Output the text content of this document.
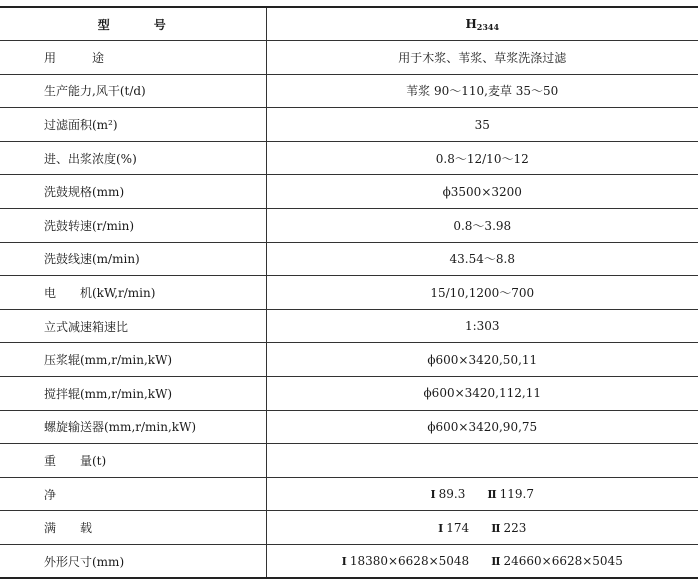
型　　　号	$H_{2344}$
用　　　途	用于木浆、苇浆、草浆洗涤过滤
生产能力,风干(t/d)	苇浆 90～110,麦草 35～50
过滤面积(m²)	35
进、出浆浓度(%)	0.8～12/10～12
洗鼓规格(mm)	ϕ3500×3200
洗鼓转速(r/min)	0.8～3.98
洗鼓线速(m/min)	43.54～8.8
电　　机(kW,r/min)	15/10,1200～700
立式减速箱速比	1:303
压浆辊(mm,r/min,kW)	ϕ600×3420,50,11
搅拌辊(mm,r/min,kW)	ϕ600×3420,112,11
螺旋输送器(mm,r/min,kW)	ϕ600×3420,90,75
重　　量(t)	
净	Ⅰ 89.3 Ⅱ 119.7
满　　载	Ⅰ 174 Ⅱ 223
外形尺寸(mm)	Ⅰ 18380×6628×5048 Ⅱ 24660×6628×5045
